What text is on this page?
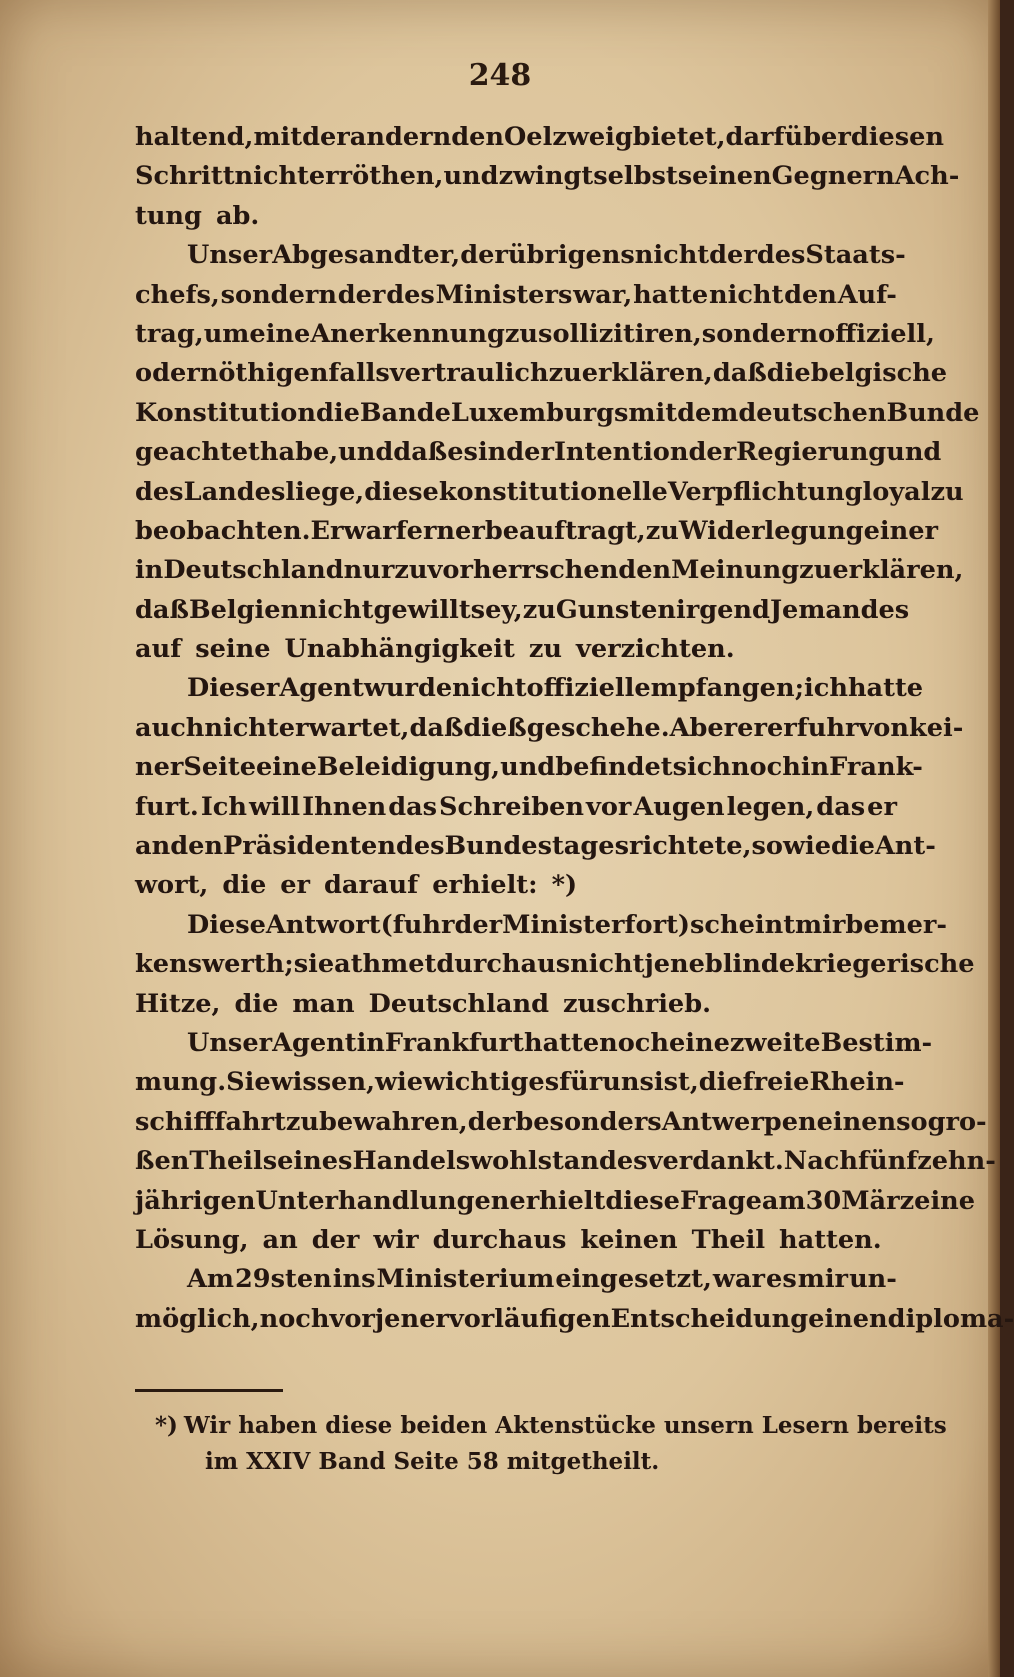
248
haltend, mit der andern den Oelzweig bietet, darf über diesen
Schritt nicht erröthen, und zwingt selbst seinen Gegnern Ach-
tung ab.
Unser Abgesandter, der übrigens nicht der des Staats-
chefs, sondern der des Ministers war, hatte nicht den Auf-
trag, um eine Anerkennung zu sollizitiren, sondern offiziell,
oder nöthigenfalls vertraulich zu erklären, daß die belgische
Konstitution die Bande Luxemburgs mit dem deutschen Bunde
geachtet habe, und daß es in der Intention der Regierung und
des Landes liege, diese konstitutionelle Verpflichtung loyal zu
beobachten. Er war ferner beauftragt, zu Widerlegung einer
in Deutschland nur zu vorherrschenden Meinung zu erklären,
daß Belgien nicht gewillt sey, zu Gunsten irgend Jemandes
auf seine Unabhängigkeit zu verzichten.
Dieser Agent wurde nicht offiziell empfangen; ich hatte
auch nicht erwartet, daß dieß geschehe. Aber er erfuhr von kei-
ner Seite eine Beleidigung, und befindet sich noch in Frank-
furt. Ich will Ihnen das Schreiben vor Augen legen, das er
an den Präsidenten des Bundestages richtete, so wie die Ant-
wort, die er darauf erhielt: *)
Diese Antwort (fuhr der Minister fort) scheint mir bemer-
kenswerth; sie athmet durchaus nicht jene blinde kriegerische
Hitze, die man Deutschland zuschrieb.
Unser Agent in Frankfurt hatte noch eine zweite Bestim-
mung. Sie wissen, wie wichtig es für uns ist, die freie Rhein-
schifffahrt zu bewahren, der besonders Antwerpen einen so gro-
ßen Theil seines Handelswohlstandes verdankt. Nach fünfzehn-
jährigen Unterhandlungen erhielt diese Frage am 30 März eine
Lösung, an der wir durchaus keinen Theil hatten.
Am 29sten ins Ministerium eingesetzt, war es mir un-
möglich, noch vor jener vorläufigen Entscheidung einen diploma-
*) Wir haben diese beiden Aktenstücke unsern Lesern bereits
im XXIV Band Seite 58 mitgetheilt.
